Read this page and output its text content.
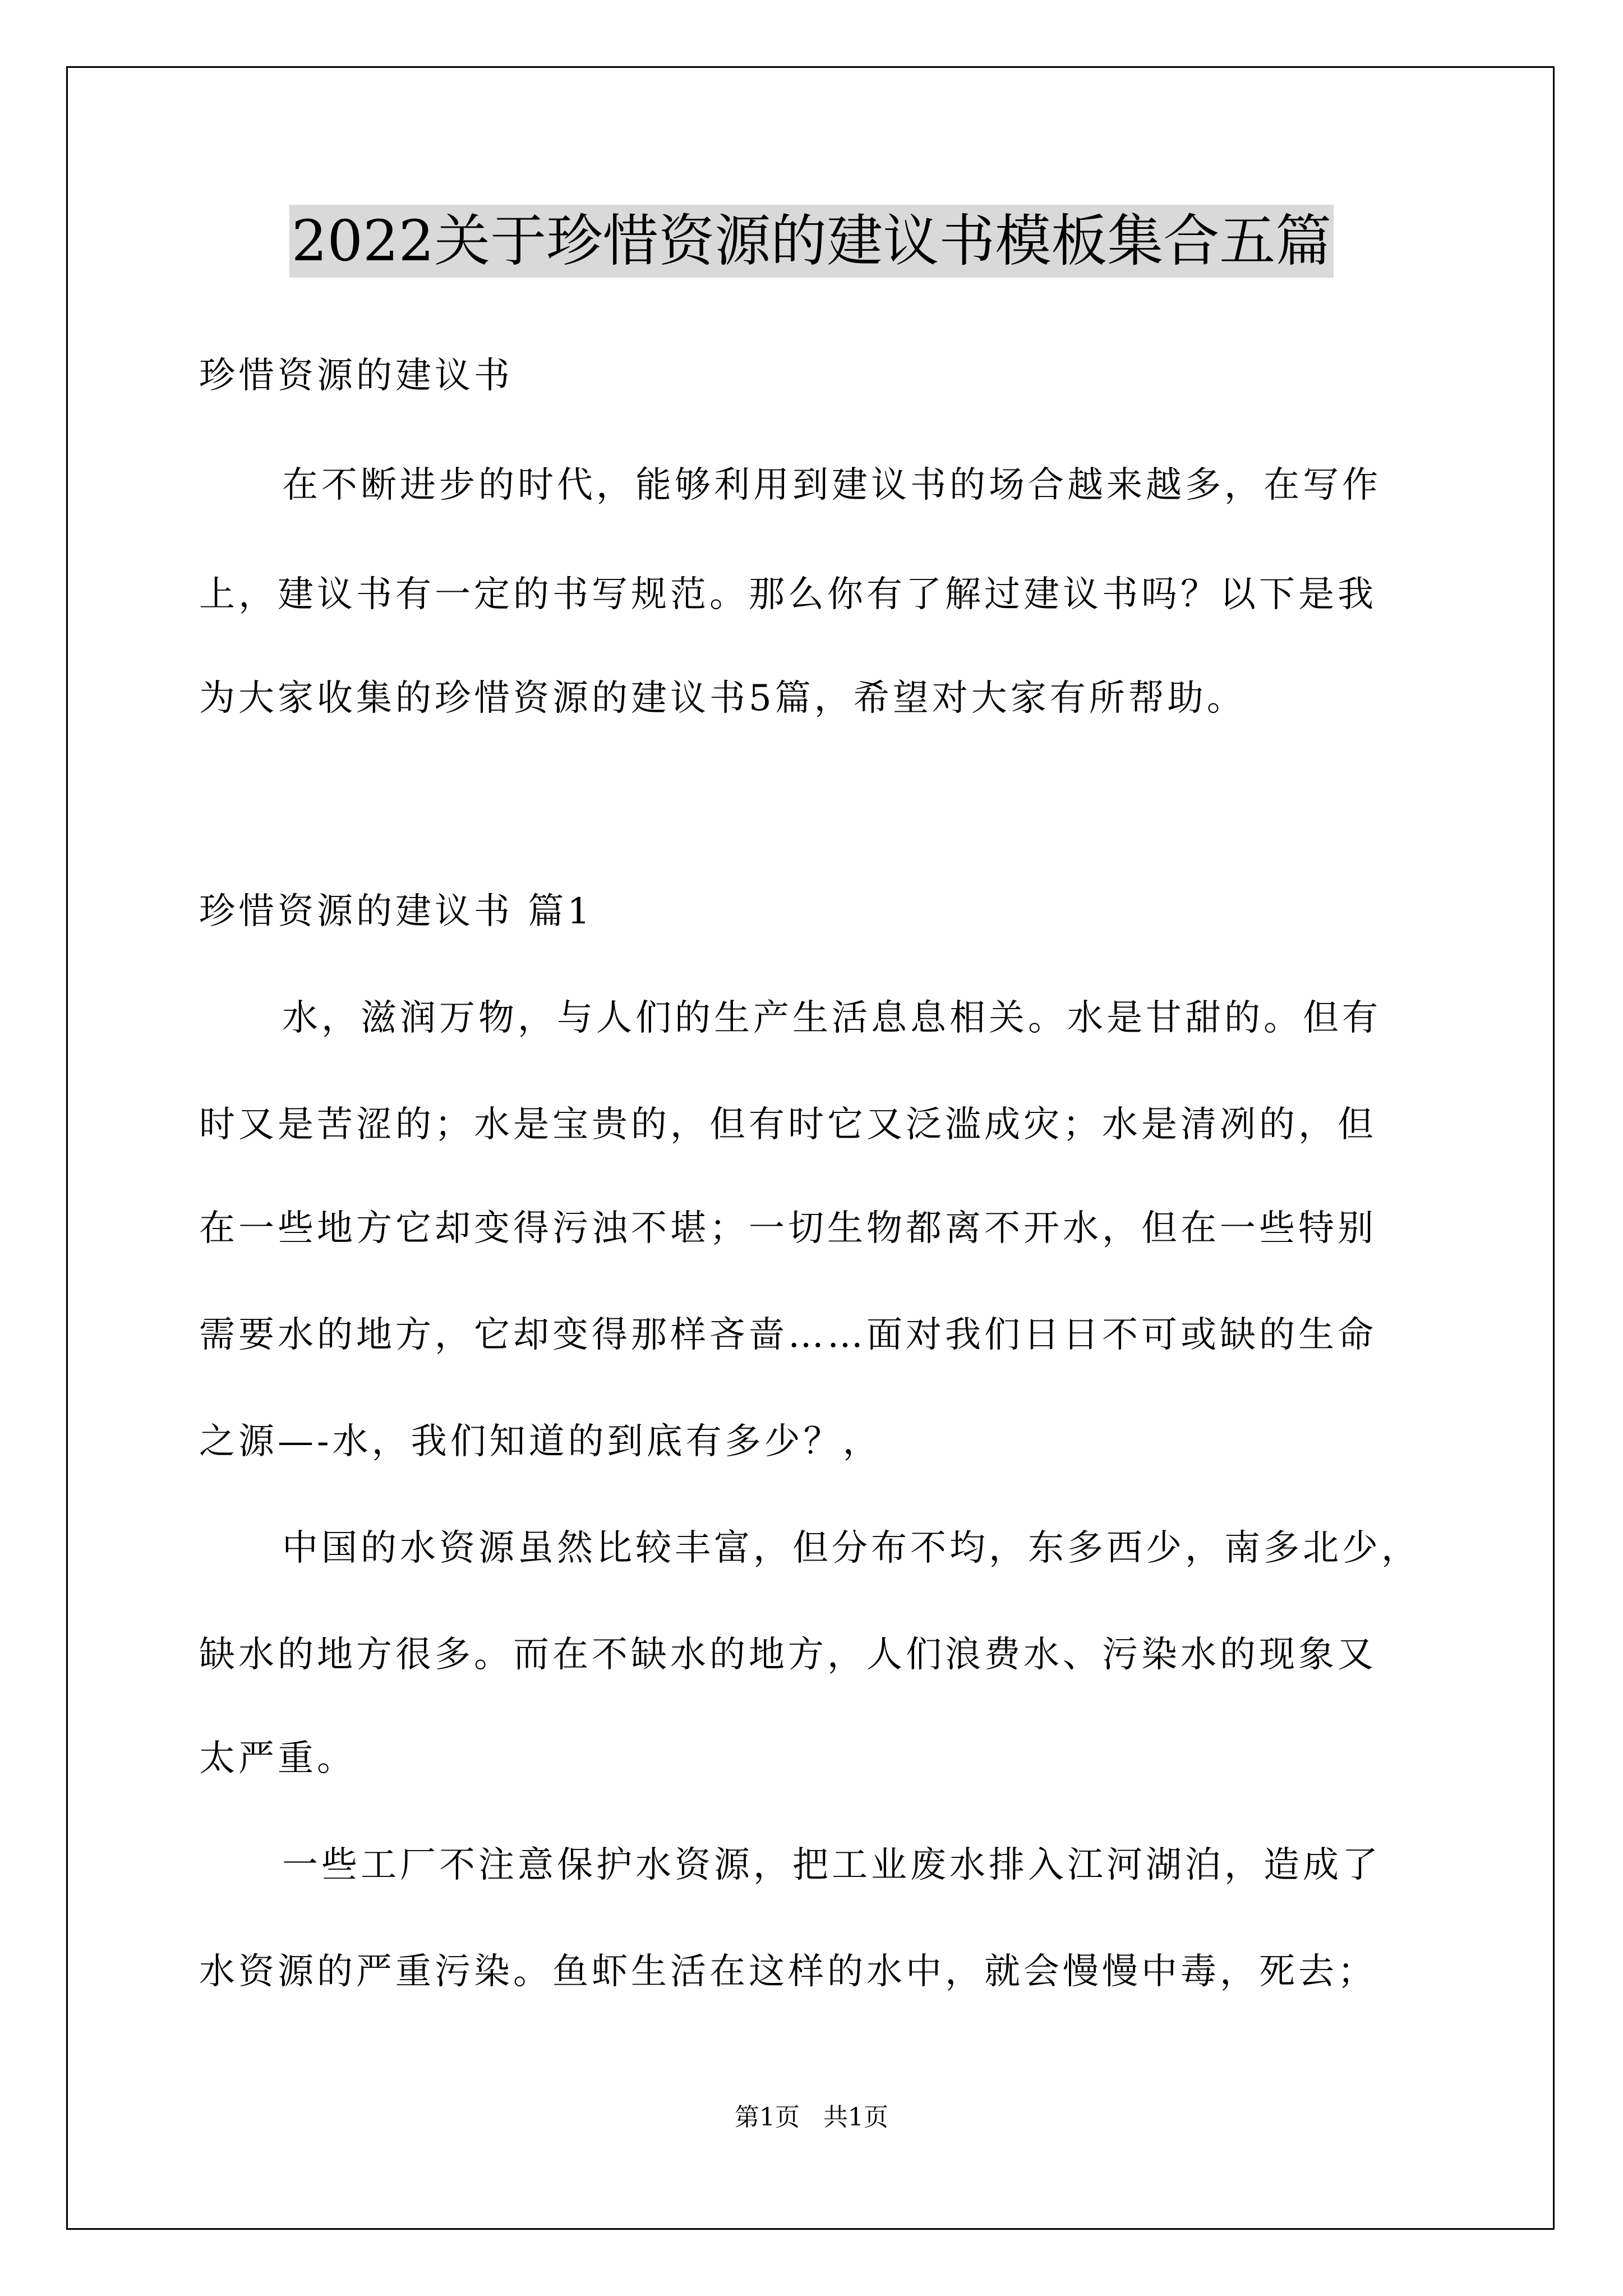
2022关于珍惜资源的建议书模板集合五篇
珍惜资源的建议书
在不断进步的时代，能够利用到建议书的场合越来越多，在写作
上，建议书有一定的书写规范。那么你有了解过建议书吗？以下是我
为大家收集的珍惜资源的建议书5篇，希望对大家有所帮助。
珍惜资源的建议书 篇1
水，滋润万物，与人们的生产生活息息相关。水是甘甜的。但有
时又是苦涩的；水是宝贵的，但有时它又泛滥成灾；水是清冽的，但
在一些地方它却变得污浊不堪；一切生物都离不开水，但在一些特别
需要水的地方，它却变得那样吝啬……面对我们日日不可或缺的生命
之源—-水，我们知道的到底有多少？，
中国的水资源虽然比较丰富，但分布不均，东多西少，南多北少，
缺水的地方很多。而在不缺水的地方，人们浪费水、污染水的现象又
太严重。
一些工厂不注意保护水资源，把工业废水排入江河湖泊，造成了
水资源的严重污染。鱼虾生活在这样的水中，就会慢慢中毒，死去；
第1页 共1页
